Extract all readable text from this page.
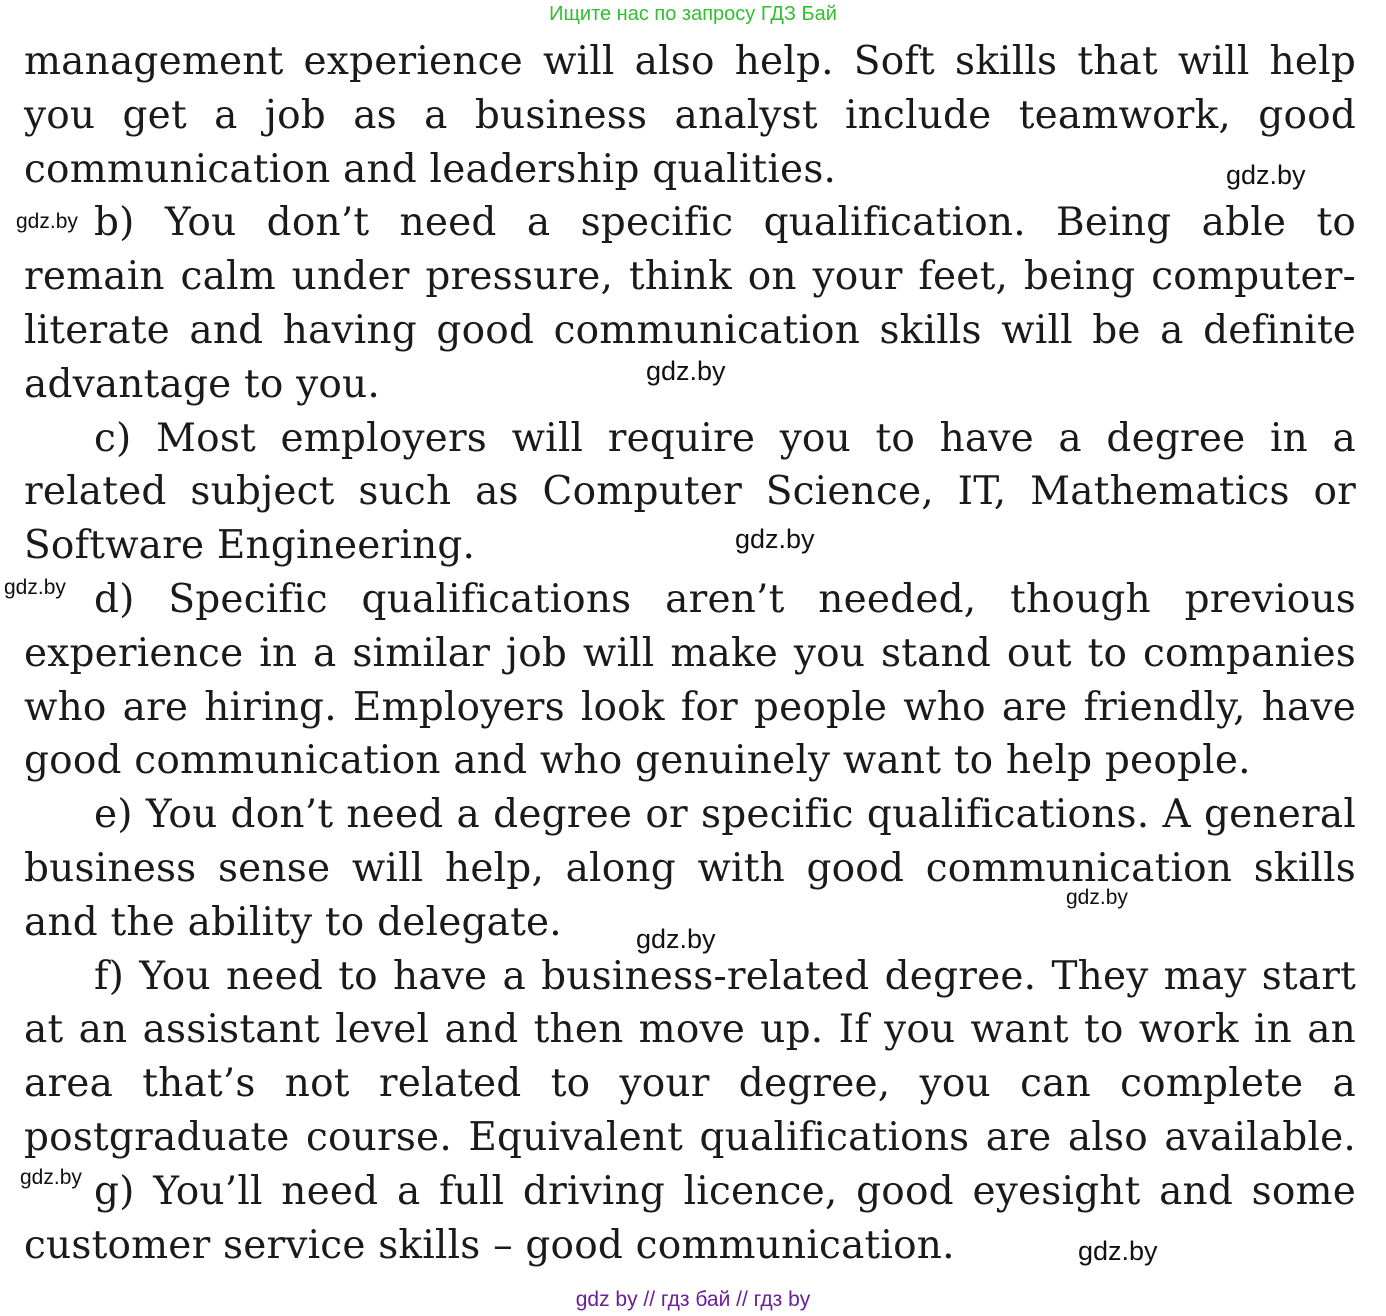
Ищите нас по запросу ГДЗ Бай
management experience will also help. Soft skills that will help
you get a job as a business analyst include teamwork, good
communication and leadership qualities.
b) You don’t need a specific qualification. Being able to
remain calm under pressure, think on your feet, being computer-
literate and having good communication skills will be a definite
advantage to you.
c) Most employers will require you to have a degree in a
related subject such as Computer Science, IT, Mathematics or
Software Engineering.
d) Specific qualifications aren’t needed, though previous
experience in a similar job will make you stand out to companies
who are hiring. Employers look for people who are friendly, have
good communication and who genuinely want to help people.
e) You don’t need a degree or specific qualifications. A general
business sense will help, along with good communication skills
and the ability to delegate.
f) You need to have a business-related degree. They may start
at an assistant level and then move up. If you want to work in an
area that’s not related to your degree, you can complete a
postgraduate course. Equivalent qualifications are also available.
g) You’ll need a full driving licence, good eyesight and some
customer service skills – good communication.
gdz.by
gdz.by
gdz.by
gdz.by
gdz.by
gdz.by
gdz.by
gdz.by
gdz.by
gdz by // гдз бай // гдз by
